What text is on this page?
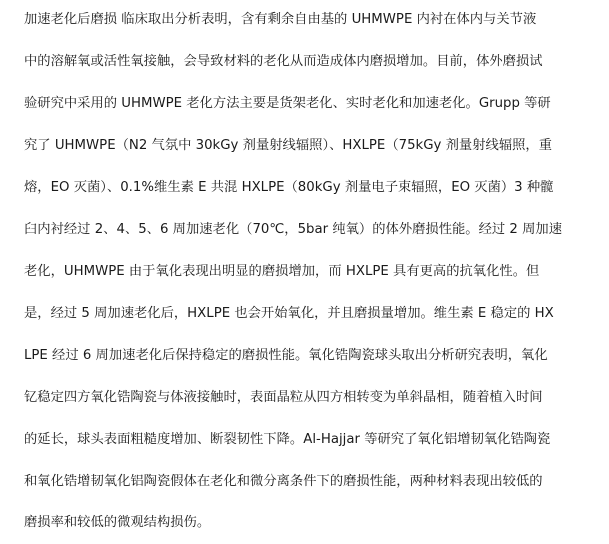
加速老化后磨损 临床取出分析表明，含有剩余自由基的 UHMWPE 内衬在体内与关节液
中的溶解氧或活性氧接触，会导致材料的老化从而造成体内磨损增加。目前，体外磨损试
验研究中采用的 UHMWPE 老化方法主要是货架老化、实时老化和加速老化。Grupp 等研
究了 UHMWPE（N2 气氛中 30kGy 剂量射线辐照）、HXLPE（75kGy 剂量射线辐照，重
熔，EO 灭菌）、0.1%维生素 E 共混 HXLPE（80kGy 剂量电子束辐照，EO 灭菌）3 种髋
臼内衬经过 2、4、5、6 周加速老化（70℃，5bar 纯氧）的体外磨损性能。经过 2 周加速
老化，UHMWPE 由于氧化表现出明显的磨损增加，而 HXLPE 具有更高的抗氧化性。但
是，经过 5 周加速老化后，HXLPE 也会开始氧化，并且磨损量增加。维生素 E 稳定的 HX
LPE 经过 6 周加速老化后保持稳定的磨损性能。氧化锆陶瓷球头取出分析研究表明，氧化
钇稳定四方氧化锆陶瓷与体液接触时，表面晶粒从四方相转变为单斜晶相，随着植入时间
的延长，球头表面粗糙度增加、断裂韧性下降。Al-Hajjar 等研究了氧化铝增韧氧化锆陶瓷
和氧化锆增韧氧化铝陶瓷假体在老化和微分离条件下的磨损性能，两种材料表现出较低的
磨损率和较低的微观结构损伤。
